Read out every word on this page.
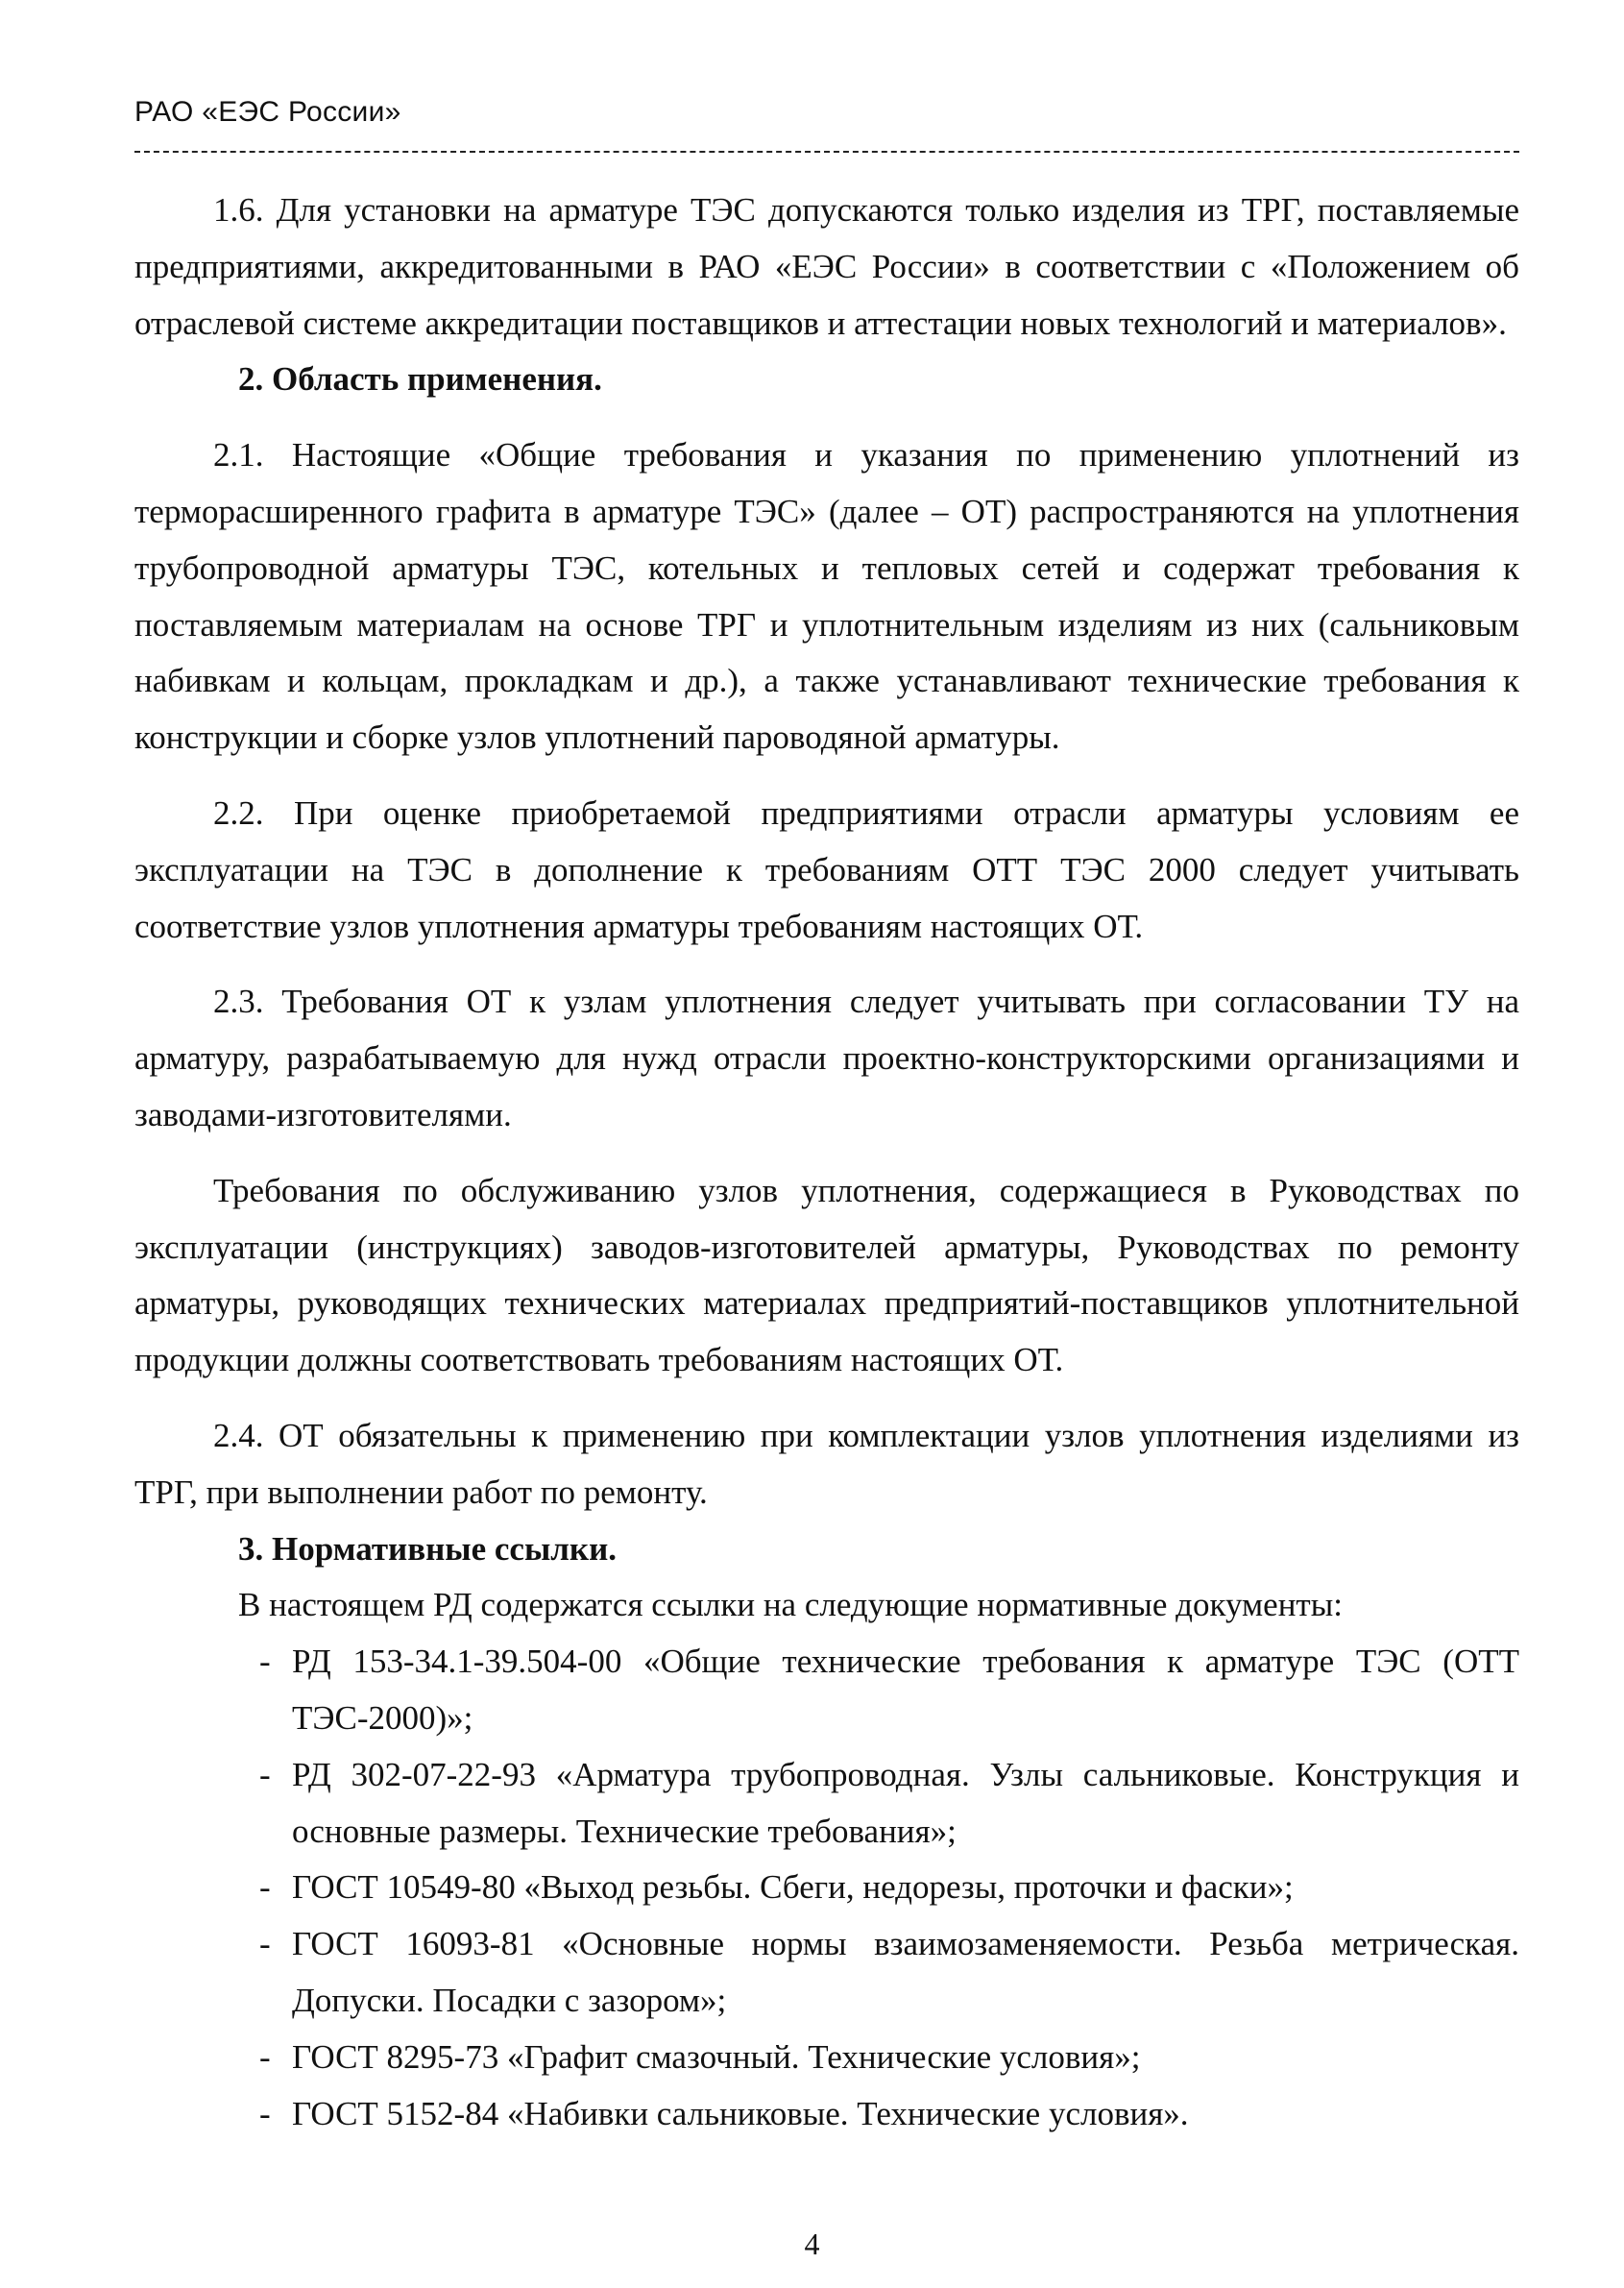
РАО «ЕЭС России»

1.6. Для установки на арматуре ТЭС допускаются только изделия из ТРГ, поставляемые предприятиями, аккредитованными в РАО «ЕЭС России» в соответствии с «Положением об отраслевой системе аккредитации поставщиков и аттестации новых технологий и материалов».

2. Область применения.

2.1. Настоящие «Общие требования и указания по применению уплотнений из терморасширенного графита в арматуре ТЭС» (далее – ОТ) распространяются на уплотнения трубопроводной арматуры ТЭС, котельных и тепловых сетей и содержат требования к поставляемым материалам на основе ТРГ и уплотнительным изделиям из них (сальниковым набивкам и кольцам, прокладкам и др.), а также устанавливают технические требования к конструкции и сборке узлов уплотнений пароводяной арматуры.

2.2. При оценке приобретаемой предприятиями отрасли арматуры условиям ее эксплуатации на ТЭС в дополнение к требованиям ОТТ ТЭС 2000 следует учитывать соответствие узлов уплотнения арматуры требованиям настоящих ОТ.

2.3. Требования ОТ к узлам уплотнения следует учитывать при согласовании ТУ на арматуру, разрабатываемую для нужд отрасли проектно-конструкторскими организациями и заводами-изготовителями.

Требования по обслуживанию узлов уплотнения, содержащиеся в Руководствах по эксплуатации (инструкциях) заводов-изготовителей арматуры, Руководствах по ремонту арматуры, руководящих технических материалах предприятий-поставщиков уплотнительной продукции должны соответствовать требованиям настоящих ОТ.

2.4. ОТ обязательны к применению при комплектации узлов уплотнения изделиями из ТРГ, при выполнении работ по ремонту.

3. Нормативные ссылки.

В настоящем РД содержатся ссылки на следующие нормативные документы:

- РД 153-34.1-39.504-00 «Общие технические требования к арматуре ТЭС (ОТТ ТЭС-2000)»;

- РД 302-07-22-93 «Арматура трубопроводная. Узлы сальниковые. Конструкция и основные размеры. Технические требования»;

- ГОСТ 10549-80 «Выход резьбы. Сбеги, недорезы, проточки и фаски»;

- ГОСТ 16093-81 «Основные нормы взаимозаменяемости. Резьба метрическая. Допуски. Посадки с зазором»;

- ГОСТ 8295-73 «Графит смазочный. Технические условия»;

- ГОСТ 5152-84 «Набивки сальниковые. Технические условия».

4
